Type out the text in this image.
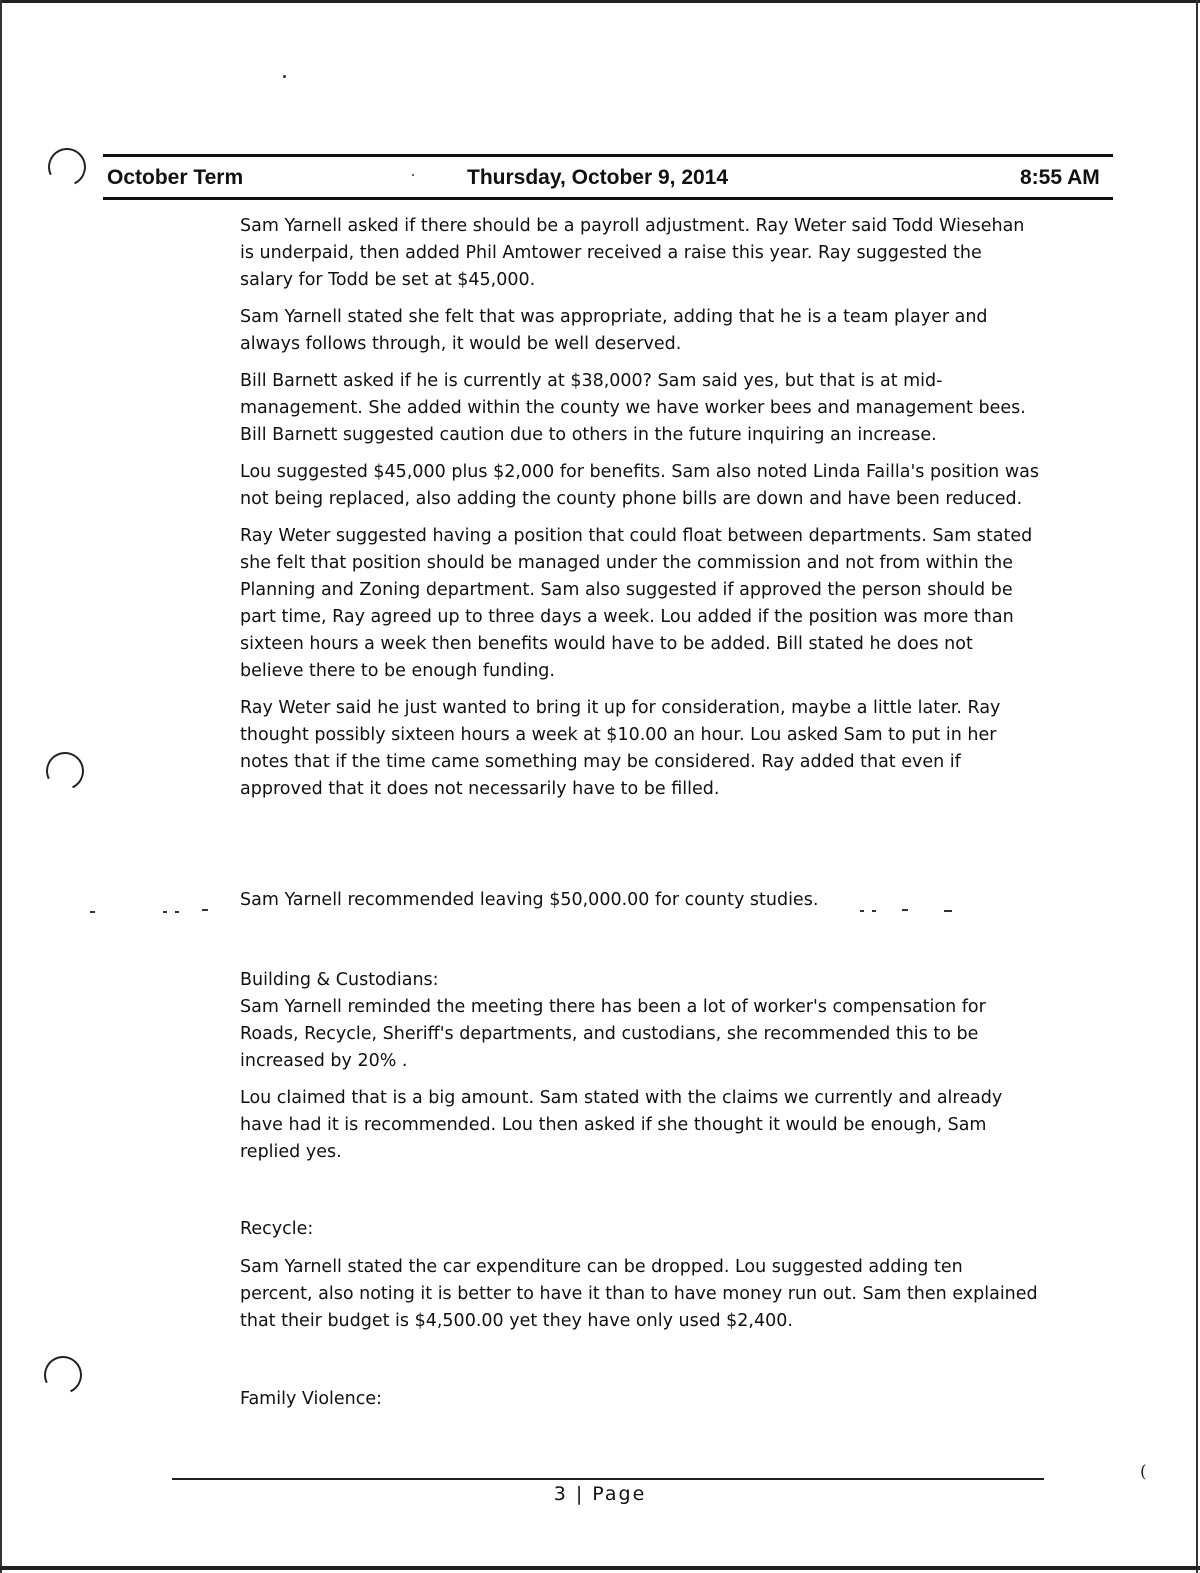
October Term	Thursday, October 9, 2014	8:55 AM

Sam Yarnell asked if there should be a payroll adjustment. Ray Weter said Todd Wiesehan is underpaid, then added Phil Amtower received a raise this year. Ray suggested the salary for Todd be set at $45,000.

Sam Yarnell stated she felt that was appropriate, adding that he is a team player and always follows through, it would be well deserved.

Bill Barnett asked if he is currently at $38,000? Sam said yes, but that is at mid-management. She added within the county we have worker bees and management bees. Bill Barnett suggested caution due to others in the future inquiring an increase.

Lou suggested $45,000 plus $2,000 for benefits. Sam also noted Linda Failla's position was not being replaced, also adding the county phone bills are down and have been reduced.

Ray Weter suggested having a position that could float between departments. Sam stated she felt that position should be managed under the commission and not from within the Planning and Zoning department. Sam also suggested if approved the person should be part time, Ray agreed up to three days a week. Lou added if the position was more than sixteen hours a week then benefits would have to be added. Bill stated he does not believe there to be enough funding.

Ray Weter said he just wanted to bring it up for consideration, maybe a little later. Ray thought possibly sixteen hours a week at $10.00 an hour. Lou asked Sam to put in her notes that if the time came something may be considered. Ray added that even if approved that it does not necessarily have to be filled.

Sam Yarnell recommended leaving $50,000.00 for county studies.

Building & Custodians:

Sam Yarnell reminded the meeting there has been a lot of worker's compensation for Roads, Recycle, Sheriff's departments, and custodians, she recommended this to be increased by 20% .

Lou claimed that is a big amount. Sam stated with the claims we currently and already have had it is recommended. Lou then asked if she thought it would be enough, Sam replied yes.

Recycle:

Sam Yarnell stated the car expenditure can be dropped. Lou suggested adding ten percent, also noting it is better to have it than to have money run out. Sam then explained that their budget is $4,500.00 yet they have only used $2,400.

Family Violence:
3 | Page
(
